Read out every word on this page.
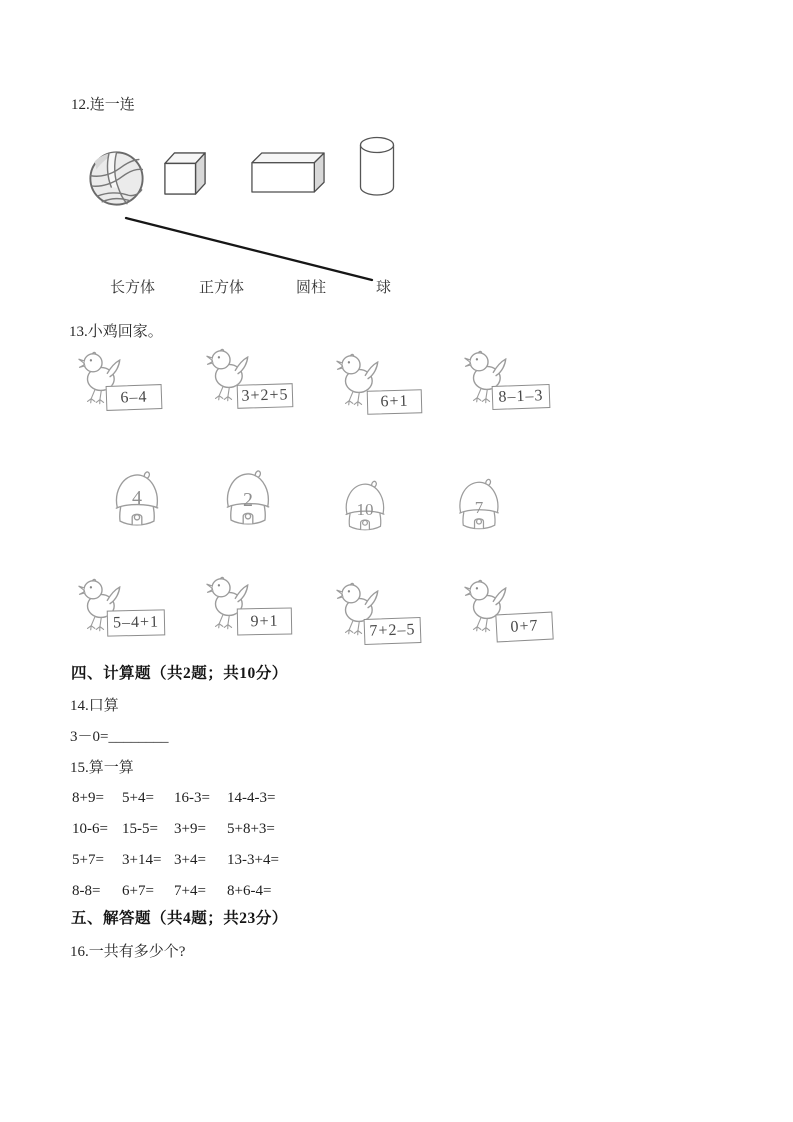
12.连一连
长方体	正方体	圆柱	球
13.小鸡回家。
6–4	3+2+5	6+1	8–1–3
4	2	10	7
5–4+1	9+1
7+2–5	0+7
四、计算题（共2题；共10分）
14.口算
3－0=________
15.算一算
8+9=	5+4=	16-3=	14-4-3=
10-6= 15-5=	3+9=	5+8+3=
5+7=	3+14= 3+4=	13-3+4=
8-8=	6+7=	7+4=	8+6-4=
五、解答题（共4题；共23分）
16.一共有多少个?
